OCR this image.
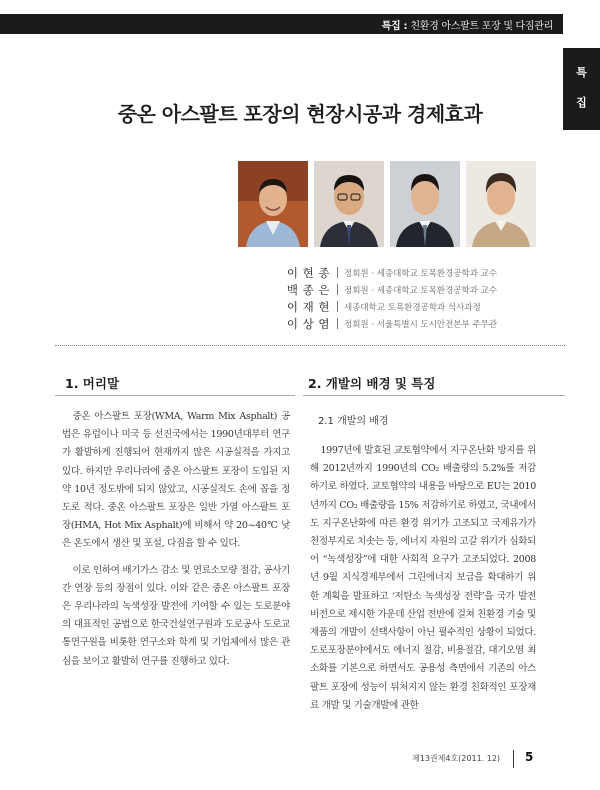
특집 : 친환경 아스팔트 포장 및 다짐관리
특
집
중온 아스팔트 포장의 현장시공과 경제효과
이 현 종 정회원 · 세종대학교 토목환경공학과 교수
백 종 은 정회원 · 세종대학교 토목환경공학과 교수
이 재 현 세종대학교 토목환경공학과 석사과정
이 상 염 정회원 · 서울특별시 도시안전본부 주무관
1. 머리말	2. 개발의 배경 및 특징
2.1 개발의 배경

중온 아스팔트 포장(WMA, Warm Mix Asphalt) 공법은 유럽이나 미국 등 선진국에서는 1990년대부터 연구가 활발하게 진행되어 현재까지 많은 시공실적을 가지고 있다. 하지만 우리나라에 중온 아스팔트 포장이 도입된 지 약 10년 정도밖에 되지 않았고, 시공실적도 손에 꼽을 정도로 적다. 중온 아스팔트 포장은 일반 가열 아스팔트 포장(HMA, Hot Mix Asphalt)에 비해서 약 20~40℃ 낮은 온도에서 생산 및 포설, 다짐을 할 수 있다.

이로 인하여 배기가스 감소 및 연료소모량 절감, 공사기간 연장 등의 장점이 있다. 이와 같은 중온 아스팔트 포장은 우리나라의 녹색성장 발전에 기여할 수 있는 도로분야의 대표적인 공법으로 한국건설연구원과 도로공사 도로교통연구원을 비롯한 연구소와 학계 및 기업체에서 많은 관심을 보이고 활발히 연구를 진행하고 있다.

1997년에 발효된 교토협약에서 지구온난화 방지를 위해 2012년까지 1990년의 CO₂ 배출량의 5.2%를 저감하기로 하였다. 교토협약의 내용을 바탕으로 EU는 2010년까지 CO₂ 배출량을 15% 저감하기로 하였고, 국내에서도 지구온난화에 따른 환경 위기가 고조되고 국제유가가 천정부지로 치솟는 등, 에너지 자원의 고갈 위기가 심화되어 “녹색성장”에 대한 사회적 요구가 고조되었다. 2008년 9월 지식경제부에서 그린에너지 보급을 확대하기 위한 계획을 발표하고 ‘저탄소 녹색성장 전략’을 국가 발전 비전으로 제시한 가운데 산업 전반에 걸쳐 친환경 기술 및 제품의 개발이 선택사항이 아닌 필수적인 상황이 되었다. 도로포장분야에서도 에너지 절감, 비용절감, 대기오염 최소화를 기본으로 하면서도 공용성 측면에서 기존의 아스팔트 포장에 성능이 뒤처지지 않는 환경 친화적인 포장재료 개발 및 기술개발에 관한

제13권제4호(2011. 12) 5
